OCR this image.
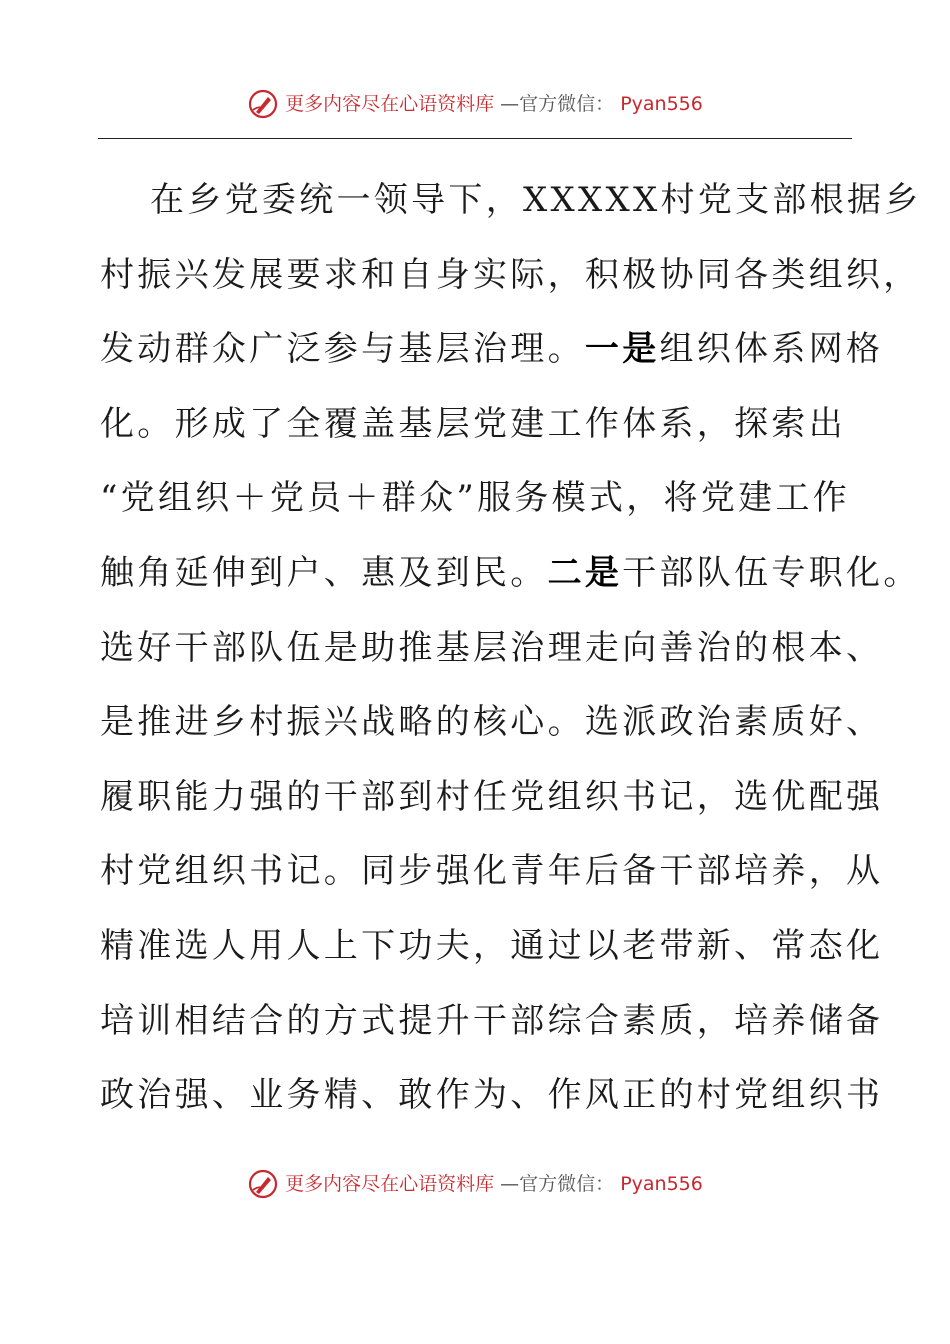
更多内容尽在心语资料库 —官方微信： Pyan556
在乡党委统一领导下，XXXXX村党支部根据乡
村振兴发展要求和自身实际，积极协同各类组织，
发动群众广泛参与基层治理。一是组织体系网格
化。形成了全覆盖基层党建工作体系，探索出
“党组织＋党员＋群众”服务模式，将党建工作
触角延伸到户、惠及到民。二是干部队伍专职化。
选好干部队伍是助推基层治理走向善治的根本、
是推进乡村振兴战略的核心。选派政治素质好、
履职能力强的干部到村任党组织书记，选优配强
村党组织书记。同步强化青年后备干部培养，从
精准选人用人上下功夫，通过以老带新、常态化
培训相结合的方式提升干部综合素质，培养储备
政治强、业务精、敢作为、作风正的村党组织书
更多内容尽在心语资料库 —官方微信： Pyan556
